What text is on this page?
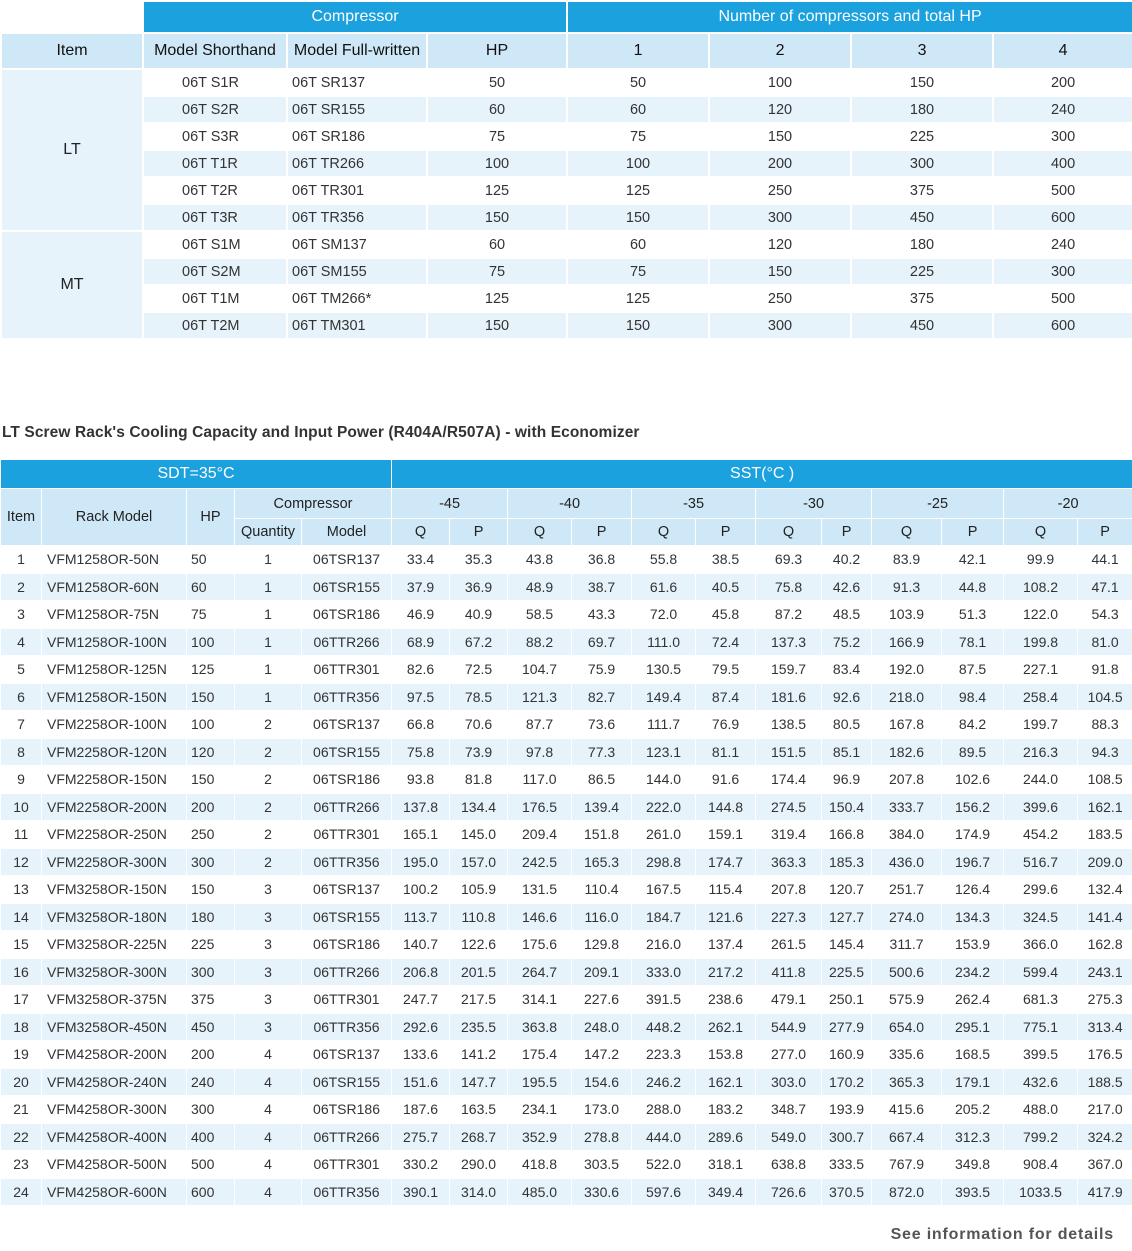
	Compressor			Number of compressors and total HP			
Item	Model Shorthand	Model Full-written	HP	1	2	3	4
LT	06T S1R	06T SR137	50	50	100	150	200
	06T S2R	06T SR155	60	60	120	180	240
	06T S3R	06T SR186	75	75	150	225	300
	06T T1R	06T TR266	100	100	200	300	400
	06T T2R	06T TR301	125	125	250	375	500
	06T T3R	06T TR356	150	150	300	450	600
MT	06T S1M	06T SM137	60	60	120	180	240
	06T S2M	06T SM155	75	75	150	225	300
	06T T1M	06T TM266*	125	125	250	375	500
	06T T2M	06T TM301	150	150	300	450	600
LT Screw Rack's Cooling Capacity and Input Power (R404A/R507A) - with Economizer
SDT=35°C					SST(°C )											
Item	Rack Model	HP	Compressor		-45		-40		-35		-30		-25		-20	
			Quantity	Model	Q	P	Q	P	Q	P	Q	P	Q	P	Q	P
1	VFM1258OR-50N	50	1	06TSR137	33.4	35.3	43.8	36.8	55.8	38.5	69.3	40.2	83.9	42.1	99.9	44.1
2	VFM1258OR-60N	60	1	06TSR155	37.9	36.9	48.9	38.7	61.6	40.5	75.8	42.6	91.3	44.8	108.2	47.1
3	VFM1258OR-75N	75	1	06TSR186	46.9	40.9	58.5	43.3	72.0	45.8	87.2	48.5	103.9	51.3	122.0	54.3
4	VFM1258OR-100N	100	1	06TTR266	68.9	67.2	88.2	69.7	111.0	72.4	137.3	75.2	166.9	78.1	199.8	81.0
5	VFM1258OR-125N	125	1	06TTR301	82.6	72.5	104.7	75.9	130.5	79.5	159.7	83.4	192.0	87.5	227.1	91.8
6	VFM1258OR-150N	150	1	06TTR356	97.5	78.5	121.3	82.7	149.4	87.4	181.6	92.6	218.0	98.4	258.4	104.5
7	VFM2258OR-100N	100	2	06TSR137	66.8	70.6	87.7	73.6	111.7	76.9	138.5	80.5	167.8	84.2	199.7	88.3
8	VFM2258OR-120N	120	2	06TSR155	75.8	73.9	97.8	77.3	123.1	81.1	151.5	85.1	182.6	89.5	216.3	94.3
9	VFM2258OR-150N	150	2	06TSR186	93.8	81.8	117.0	86.5	144.0	91.6	174.4	96.9	207.8	102.6	244.0	108.5
10	VFM2258OR-200N	200	2	06TTR266	137.8	134.4	176.5	139.4	222.0	144.8	274.5	150.4	333.7	156.2	399.6	162.1
11	VFM2258OR-250N	250	2	06TTR301	165.1	145.0	209.4	151.8	261.0	159.1	319.4	166.8	384.0	174.9	454.2	183.5
12	VFM2258OR-300N	300	2	06TTR356	195.0	157.0	242.5	165.3	298.8	174.7	363.3	185.3	436.0	196.7	516.7	209.0
13	VFM3258OR-150N	150	3	06TSR137	100.2	105.9	131.5	110.4	167.5	115.4	207.8	120.7	251.7	126.4	299.6	132.4
14	VFM3258OR-180N	180	3	06TSR155	113.7	110.8	146.6	116.0	184.7	121.6	227.3	127.7	274.0	134.3	324.5	141.4
15	VFM3258OR-225N	225	3	06TSR186	140.7	122.6	175.6	129.8	216.0	137.4	261.5	145.4	311.7	153.9	366.0	162.8
16	VFM3258OR-300N	300	3	06TTR266	206.8	201.5	264.7	209.1	333.0	217.2	411.8	225.5	500.6	234.2	599.4	243.1
17	VFM3258OR-375N	375	3	06TTR301	247.7	217.5	314.1	227.6	391.5	238.6	479.1	250.1	575.9	262.4	681.3	275.3
18	VFM3258OR-450N	450	3	06TTR356	292.6	235.5	363.8	248.0	448.2	262.1	544.9	277.9	654.0	295.1	775.1	313.4
19	VFM4258OR-200N	200	4	06TSR137	133.6	141.2	175.4	147.2	223.3	153.8	277.0	160.9	335.6	168.5	399.5	176.5
20	VFM4258OR-240N	240	4	06TSR155	151.6	147.7	195.5	154.6	246.2	162.1	303.0	170.2	365.3	179.1	432.6	188.5
21	VFM4258OR-300N	300	4	06TSR186	187.6	163.5	234.1	173.0	288.0	183.2	348.7	193.9	415.6	205.2	488.0	217.0
22	VFM4258OR-400N	400	4	06TTR266	275.7	268.7	352.9	278.8	444.0	289.6	549.0	300.7	667.4	312.3	799.2	324.2
23	VFM4258OR-500N	500	4	06TTR301	330.2	290.0	418.8	303.5	522.0	318.1	638.8	333.5	767.9	349.8	908.4	367.0
24	VFM4258OR-600N	600	4	06TTR356	390.1	314.0	485.0	330.6	597.6	349.4	726.6	370.5	872.0	393.5	1033.5	417.9
See information for details
